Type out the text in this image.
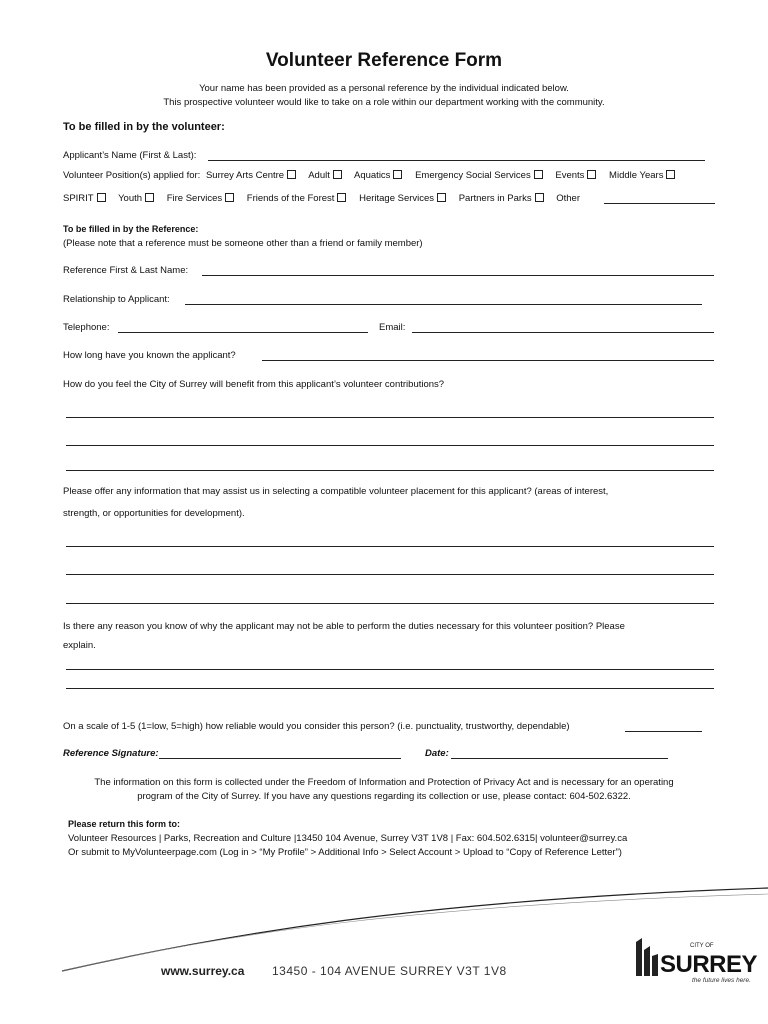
Volunteer Reference Form
Your name has been provided as a personal reference by the individual indicated below.
This prospective volunteer would like to take on a role within our department working with the community.
To be filled in by the volunteer:
Applicant’s Name (First & Last):
Volunteer Position(s) applied for: Surrey Arts Centre	Adult	Aquatics	Emergency Social Services	Events	Middle Years
SPIRIT	Youth	Fire Services	Friends of the Forest	Heritage Services	Partners in Parks	Other
To be filled in by the Reference:
(Please note that a reference must be someone other than a friend or family member)
Reference First & Last Name:
Relationship to Applicant:
Telephone:	Email:
How long have you known the applicant?
How do you feel the City of Surrey will benefit from this applicant’s volunteer contributions?
Please offer any information that may assist us in selecting a compatible volunteer placement for this applicant? (areas of interest,
strength, or opportunities for development).
Is there any reason you know of why the applicant may not be able to perform the duties necessary for this volunteer position? Please
explain.
On a scale of 1-5 (1=low, 5=high) how reliable would you consider this person? (i.e. punctuality, trustworthy, dependable)
Reference Signature:	Date:
The information on this form is collected under the Freedom of Information and Protection of Privacy Act and is necessary for an operating
program of the City of Surrey. If you have any questions regarding its collection or use, please contact: 604-502.6322.
Please return this form to:
Volunteer Resources | Parks, Recreation and Culture |13450 104 Avenue, Surrey V3T 1V8 | Fax: 604.502.6315| volunteer@surrey.ca
Or submit to MyVolunteerpage.com (Log in > “My Profile” > Additional Info > Select Account > Upload to “Copy of Reference Letter”)
www.surrey.ca 13450 - 104 AVENUE SURREY V3T 1V8
CITY OF
SURREY
the future lives here.
